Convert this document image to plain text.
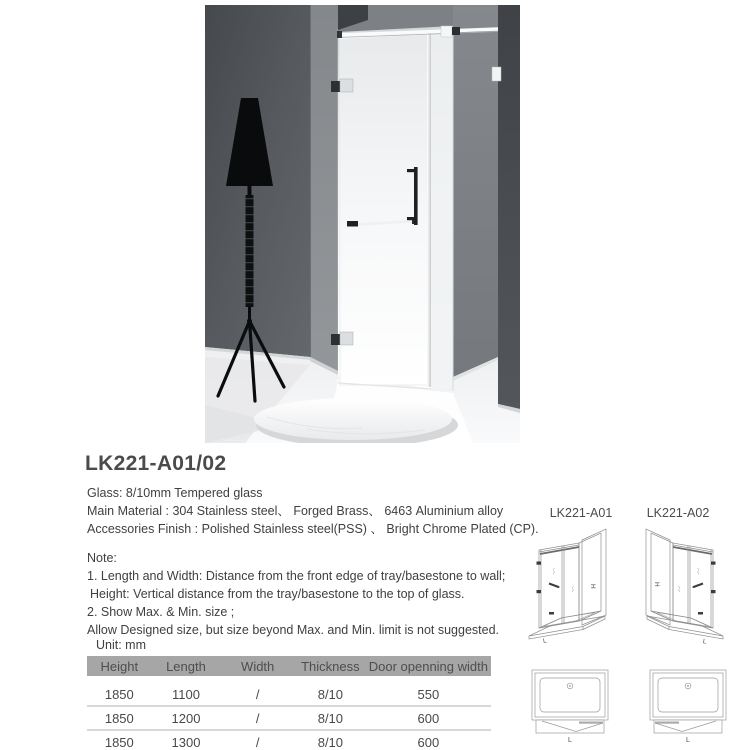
LK221-A01/02
Glass: 8/10mm Tempered glass
Main Material : 304 Stainless steel、 Forged Brass、 6463 Aluminium alloy
Accessories Finish : Polished Stainless steel(PSS) 、 Bright Chrome Plated (CP).
Note:
1. Length and Width: Distance from the front edge of tray/basestone to wall;
Height: Vertical distance from the tray/basestone to the top of glass.
2. Show Max. & Min. size ;
Allow Designed size, but size beyond Max. and Min. limit is not suggested.
Unit: mm
Height	Length	Width	Thickness	Door openning width
1850	1100	/	8/10	550
1850	1200	/	8/10	600
1850	1300	/	8/10	600
LK221-A01	LK221-A02
H
L
H
L
L	L
